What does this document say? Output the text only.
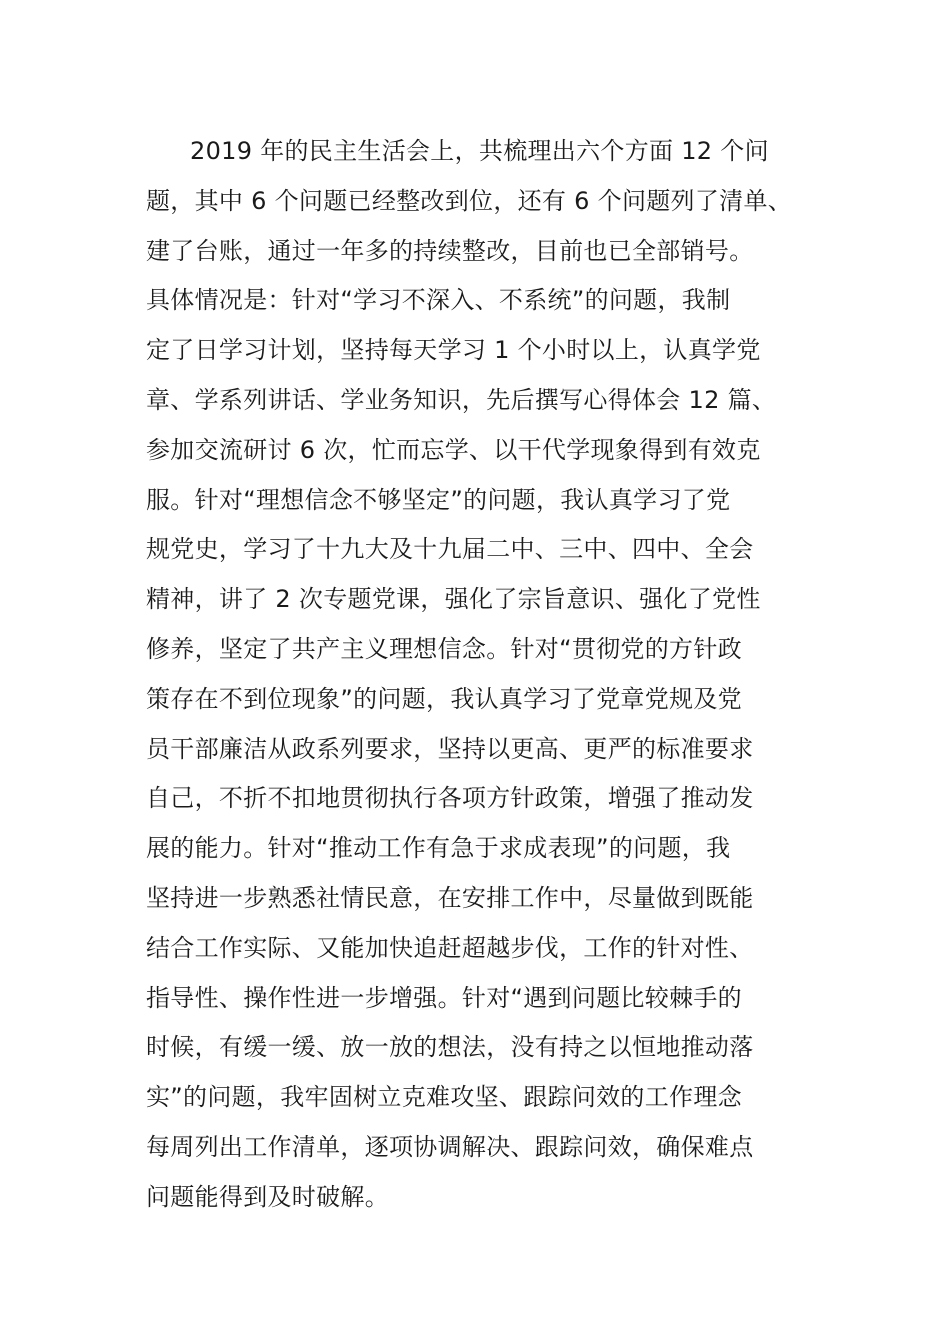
2019 年的民主生活会上，共梳理出六个方面 12 个问
题，其中 6 个问题已经整改到位，还有 6 个问题列了清单、
建了台账，通过一年多的持续整改，目前也已全部销号。
具体情况是：针对“学习不深入、不系统”的问题，我制
定了日学习计划，坚持每天学习 1 个小时以上，认真学党
章、学系列讲话、学业务知识，先后撰写心得体会 12 篇、
参加交流研讨 6 次，忙而忘学、以干代学现象得到有效克
服。针对“理想信念不够坚定”的问题，我认真学习了党
规党史，学习了十九大及十九届二中、三中、四中、全会
精神，讲了 2 次专题党课，强化了宗旨意识、强化了党性
修养，坚定了共产主义理想信念。针对“贯彻党的方针政
策存在不到位现象”的问题，我认真学习了党章党规及党
员干部廉洁从政系列要求，坚持以更高、更严的标准要求
自己，不折不扣地贯彻执行各项方针政策，增强了推动发
展的能力。针对“推动工作有急于求成表现”的问题，我
坚持进一步熟悉社情民意，在安排工作中，尽量做到既能
结合工作实际、又能加快追赶超越步伐，工作的针对性、
指导性、操作性进一步增强。针对“遇到问题比较棘手的
时候，有缓一缓、放一放的想法，没有持之以恒地推动落
实”的问题，我牢固树立克难攻坚、跟踪问效的工作理念
每周列出工作清单，逐项协调解决、跟踪问效，确保难点
问题能得到及时破解。
